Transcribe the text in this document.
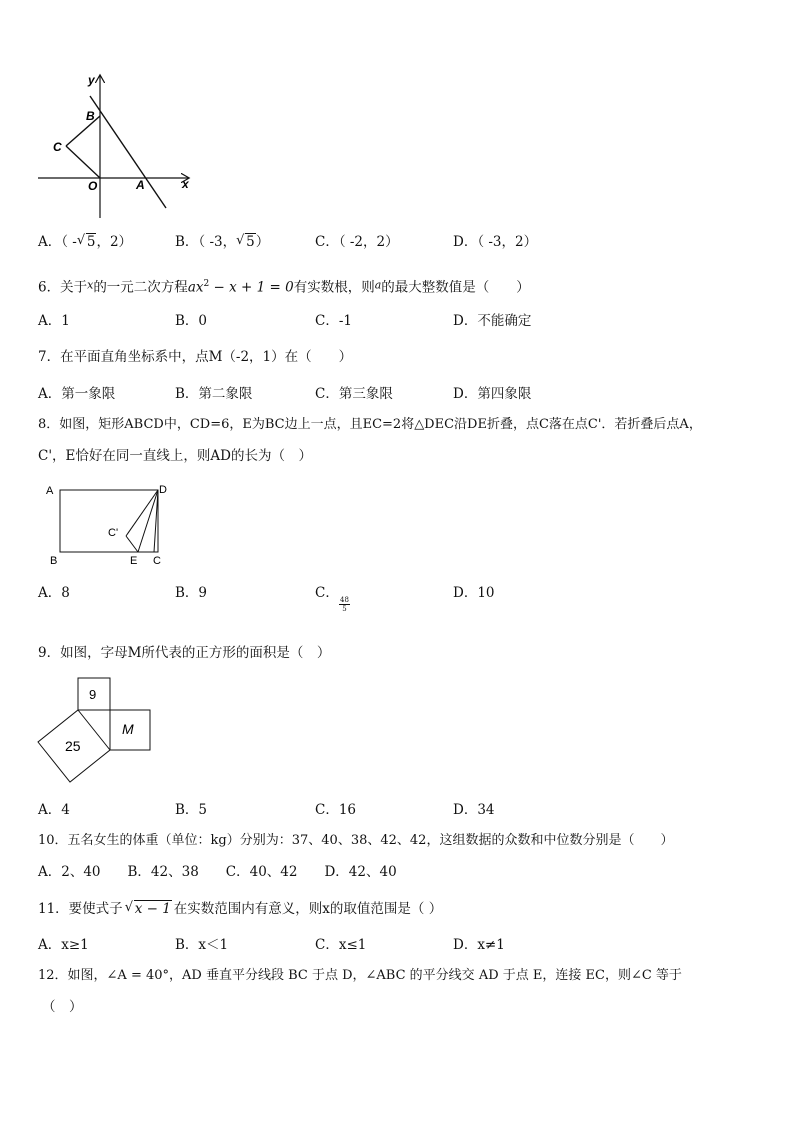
y
x
B
C
O	A
A．（ - √ 5，2）	B．（ -3， √ 5）	C．（ -2，2）	D．（ -3，2）
6．关于$^x$的一元二次方程$ax^2 - x + 1 = 0$有实数根，则$^a$的最大整数值是（　　）
A．1	B．0	C．-1	D．不能确定
7．在平面直角坐标系中，点M（-2，1）在（　　）
A．第一象限	B．第二象限	C．第三象限	D．第四象限
8．如图，矩形ABCD中，CD=6，E为BC边上一点，且EC=2将△DEC沿DE折叠，点C落在点C'．若折叠后点A，
C'，E恰好在同一直线上，则AD的长为（　）
A	D
B	E C
C'
A．8	B．9	C．
$\frac{48}{5}$
D．10
9．如图，字母M所代表的正方形的面积是（　）
9
25
M
A．4	B．5	C．16	D．34
10．五名女生的体重（单位：kg）分别为：37、40、38、42、42，这组数据的众数和中位数分别是（　　）
A．2、40　　B．42、38　　C．40、42　　D．42、40
11．要使式子 √ x − 1 在实数范围内有意义，则x的取值范围是（ ）
A．x≥1	B．x＜1	C．x≤1	D．x≠1
12．如图，∠A = 40°，AD 垂直平分线段 BC 于点 D，∠ABC 的平分线交 AD 于点 E，连接 EC，则∠C 等于
（　）
